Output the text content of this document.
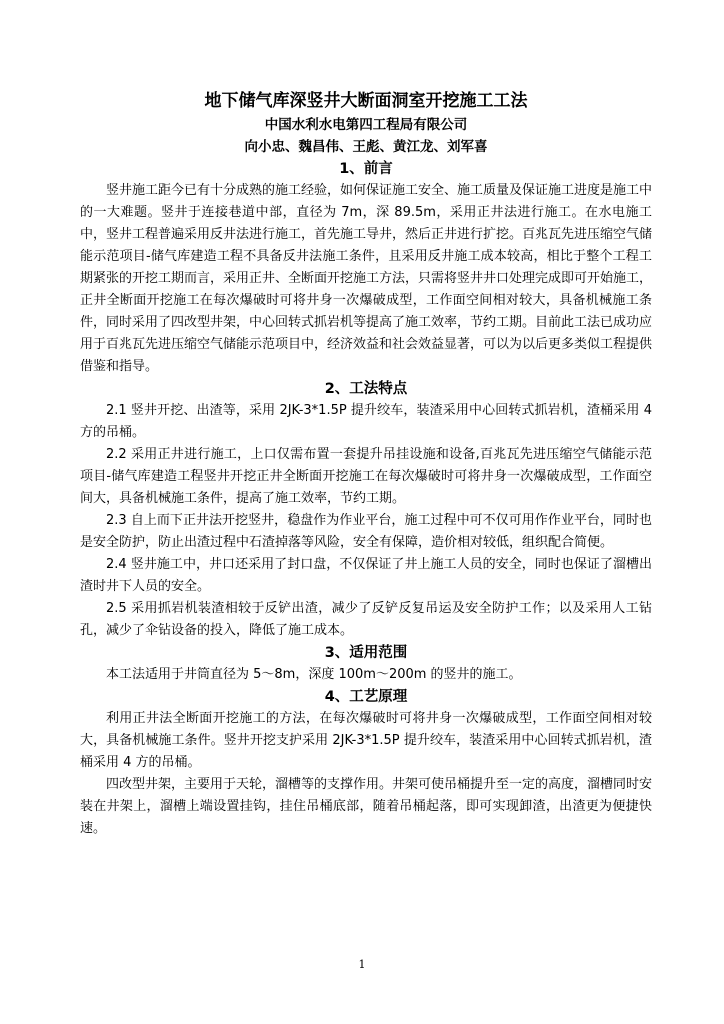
地下储气库深竖井大断面洞室开挖施工工法

中国水利水电第四工程局有限公司

向小忠、魏昌伟、王彪、黄江龙、刘军喜

1、前言

竖井施工距今已有十分成熟的施工经验，如何保证施工安全、施工质量及保证施工进度是施工中的一大难题。竖井于连接巷道中部，直径为 7m，深 89.5m，采用正井法进行施工。在水电施工中，竖井工程普遍采用反井法进行施工，首先施工导井，然后正井进行扩挖。百兆瓦先进压缩空气储能示范项目-储气库建造工程不具备反井法施工条件，且采用反井施工成本较高，相比于整个工程工期紧张的开挖工期而言，采用正井、全断面开挖施工方法，只需将竖井井口处理完成即可开始施工，正井全断面开挖施工在每次爆破时可将井身一次爆破成型，工作面空间相对较大，具备机械施工条件，同时采用了四改型井架，中心回转式抓岩机等提高了施工效率，节约工期。目前此工法已成功应用于百兆瓦先进压缩空气储能示范项目中，经济效益和社会效益显著，可以为以后更多类似工程提供借鉴和指导。

2、工法特点

2.1 竖井开挖、出渣等，采用 2JK-3*1.5P 提升绞车，装渣采用中心回转式抓岩机，渣桶采用 4 方的吊桶。

2.2 采用正井进行施工，上口仅需布置一套提升吊挂设施和设备,百兆瓦先进压缩空气储能示范项目-储气库建造工程竖井开挖正井全断面开挖施工在每次爆破时可将井身一次爆破成型，工作面空间大，具备机械施工条件，提高了施工效率，节约工期。

2.3 自上而下正井法开挖竖井，稳盘作为作业平台，施工过程中可不仅可用作作业平台，同时也是安全防护，防止出渣过程中石渣掉落等风险，安全有保障，造价相对较低，组织配合简便。

2.4 竖井施工中，井口还采用了封口盘，不仅保证了井上施工人员的安全，同时也保证了溜槽出渣时井下人员的安全。

2.5 采用抓岩机装渣相较于反铲出渣，减少了反铲反复吊运及安全防护工作；以及采用人工钻孔，减少了伞钻设备的投入，降低了施工成本。

3、适用范围

本工法适用于井筒直径为 5～8m，深度 100m～200m 的竖井的施工。

4、工艺原理

利用正井法全断面开挖施工的方法，在每次爆破时可将井身一次爆破成型，工作面空间相对较大，具备机械施工条件。竖井开挖支护采用 2JK-3*1.5P 提升绞车，装渣采用中心回转式抓岩机，渣桶采用 4 方的吊桶。

四改型井架，主要用于天轮，溜槽等的支撑作用。井架可使吊桶提升至一定的高度，溜槽同时安装在井架上，溜槽上端设置挂钩，挂住吊桶底部，随着吊桶起落，即可实现卸渣，出渣更为便捷快速。

1
